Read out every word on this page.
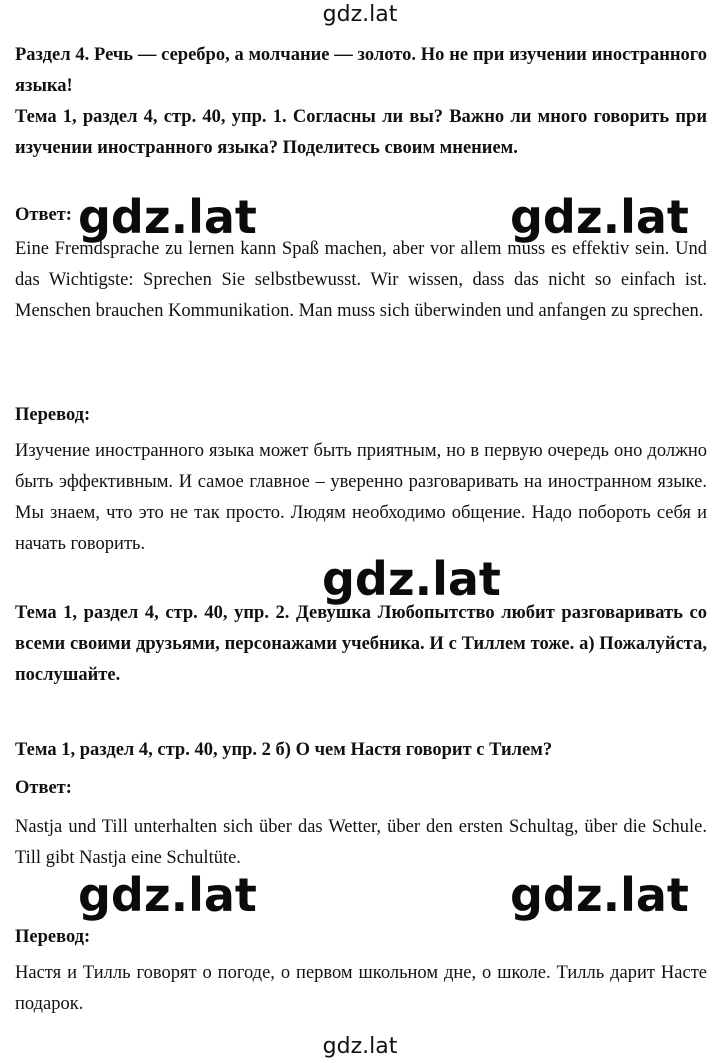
gdz.lat

Раздел 4. Речь — серебро, а молчание — золото. Но не при изучении иностранного языка!

Тема 1, раздел 4, стр. 40, упр. 1. Согласны ли вы? Важно ли много говорить при изучении иностранного языка? Поделитесь своим мнением.

Ответ:

Eine Fremdsprache zu lernen kann Spaß machen, aber vor allem muss es effektiv sein. Und das Wichtigste: Sprechen Sie selbstbewusst. Wir wissen, dass das nicht so einfach ist. Menschen brauchen Kommunikation. Man muss sich überwinden und anfangen zu sprechen.

Перевод:

Изучение иностранного языка может быть приятным, но в первую очередь оно должно быть эффективным. И самое главное – уверенно разговаривать на иностранном языке. Мы знаем, что это не так просто. Людям необходимо общение. Надо побороть себя и начать говорить.

Тема 1, раздел 4, стр. 40, упр. 2. Девушка Любопытство любит разговаривать со всеми своими друзьями, персонажами учебника. И с Тиллем тоже. а) Пожалуйста, послушайте.

Тема 1, раздел 4, стр. 40, упр. 2 б) О чем Настя говорит с Тилем?

Ответ:

Nastja und Till unterhalten sich über das Wetter, über den ersten Schultag, über die Schule. Till gibt Nastja eine Schultüte.

Перевод:

Настя и Тилль говорят о погоде, о первом школьном дне, о школе. Тилль дарит Насте подарок.

gdz.lat	gdz.lat
gdz.lat
gdz.lat	gdz.lat
gdz.lat
